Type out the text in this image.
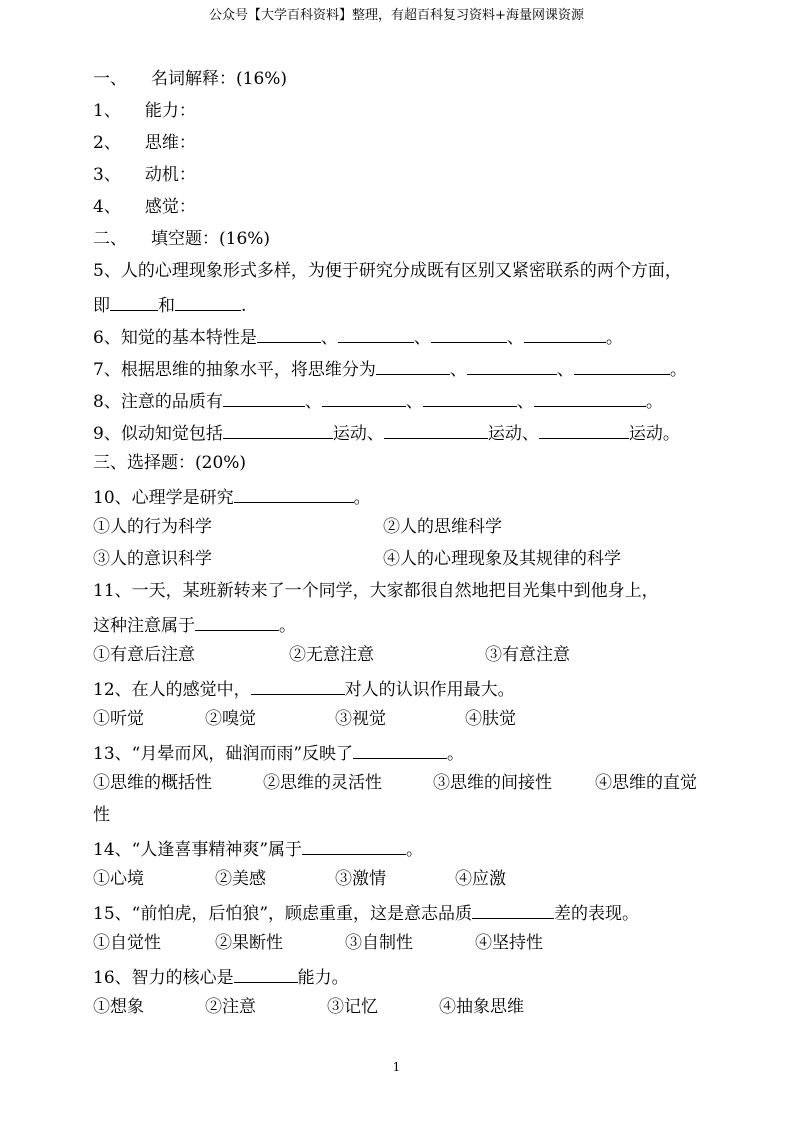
公众号【大学百科资料】整理，有超百科复习资料+海量网课资源
一、 名词解释：(16%)
1、 能力：
2、 思维：
3、 动机：
4、 感觉：
二、 填空题：(16%)
5、人的心理现象形式多样，为便于研究分成既有区别又紧密联系的两个方面，
即	和	.
6、知觉的基本特性是	、	、	、	。
7、根据思维的抽象水平，将思维分为	、	、	。
8、注意的品质有	、	、	、	。
9、似动知觉包括	运动、	运动、	运动。
三、选择题：(20%)
10、心理学是研究	。
①人的行为科学	②人的思维科学
③人的意识科学	④人的心理现象及其规律的科学
11、一天，某班新转来了一个同学，大家都很自然地把目光集中到他身上，
这种注意属于	。
①有意后注意	②无意注意	③有意注意
12、在人的感觉中，	对人的认识作用最大。
①听觉	②嗅觉	③视觉	④肤觉
13、“月晕而风，础润而雨”反映了	。
①思维的概括性	②思维的灵活性	③思维的间接性	④思维的直觉
性
14、“人逢喜事精神爽”属于	。
①心境	②美感	③激情	④应激
15、“前怕虎，后怕狼”，顾虑重重，这是意志品质	差的表现。
①自觉性	②果断性	③自制性	④坚持性
16、智力的核心是	能力。
①想象	②注意	③记忆	④抽象思维
1
